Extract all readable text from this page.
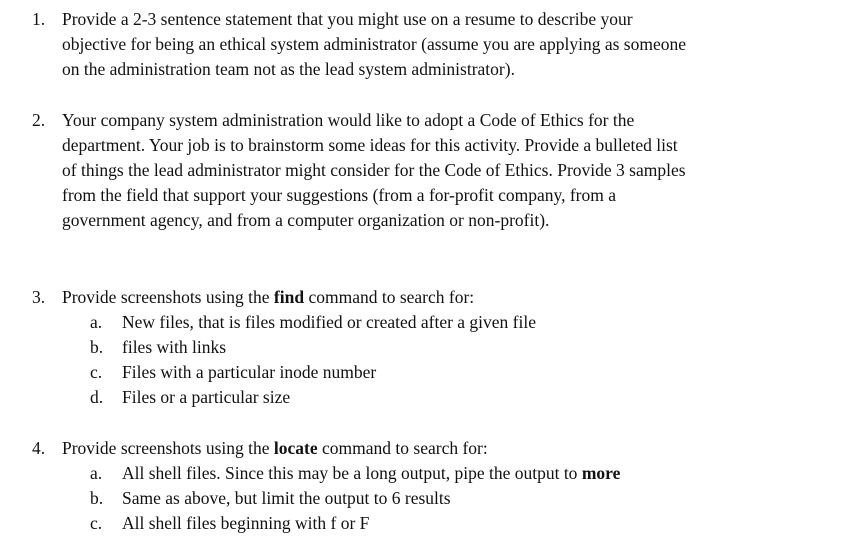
1. Provide a 2-3 sentence statement that you might use on a resume to describe your
objective for being an ethical system administrator (assume you are applying as someone
on the administration team not as the lead system administrator).
2. Your company system administration would like to adopt a Code of Ethics for the
department. Your job is to brainstorm some ideas for this activity. Provide a bulleted list
of things the lead administrator might consider for the Code of Ethics. Provide 3 samples
from the field that support your suggestions (from a for-profit company, from a
government agency, and from a computer organization or non-profit).
3. Provide screenshots using the find command to search for:
a. New files, that is files modified or created after a given file
b. files with links
c. Files with a particular inode number
d. Files or a particular size
4. Provide screenshots using the locate command to search for:
a. All shell files. Since this may be a long output, pipe the output to more
b. Same as above, but limit the output to 6 results
c. All shell files beginning with f or F
